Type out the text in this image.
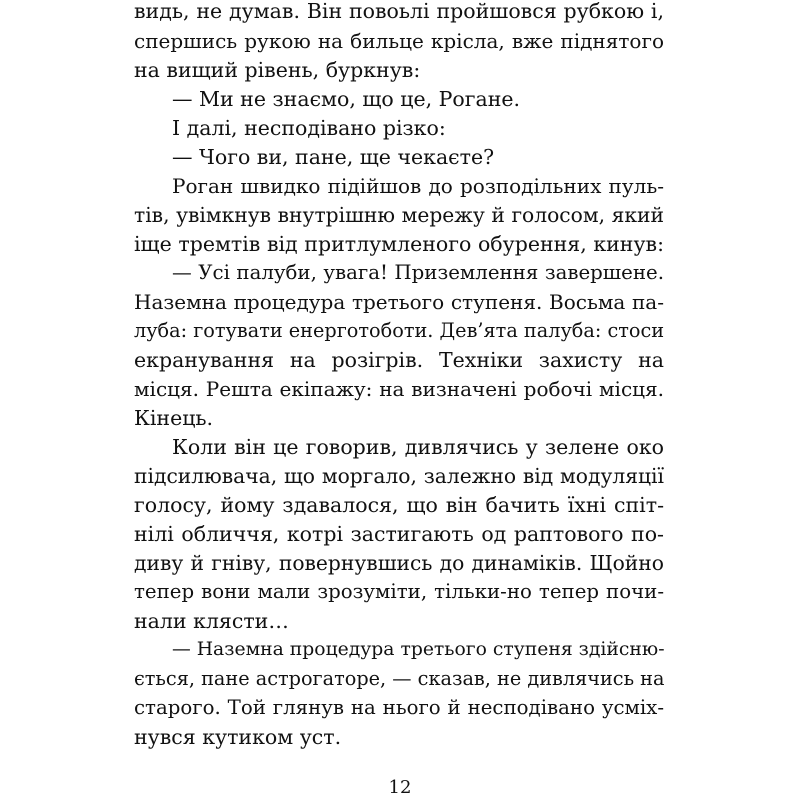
видь, не думав. Він повоьлі пройшовся рубкою і,
спершись рукою на бильце крісла, вже піднятого
на вищий рівень, буркнув:
— Ми не знаємо, що це, Рогане.
І далі, несподівано різко:
— Чого ви, пане, ще чекаєте?
Роган швидко підійшов до розподільних пуль-
тів, увімкнув внутрішню мережу й голосом, який
іще тремтів від притлумленого обурення, кинув:
— Усі палуби, увага! Приземлення завершене.
Наземна процедура третього ступеня. Восьма па-
луба: готувати енерготоботи. Дев’ята палуба: стоси
екранування на розігрів. Техніки захисту на
місця. Решта екіпажу: на визначені робочі місця.
Кінець.
Коли він це говорив, дивлячись у зелене око
підсилювача, що моргало, залежно від модуляції
голосу, йому здавалося, що він бачить їхні спіт-
нілі обличчя, котрі застигають од раптового по-
диву й гніву, повернувшись до динаміків. Щойно
тепер вони мали зрозуміти, тільки-но тепер почи-
нали клясти…
— Наземна процедура третього ступеня здійсню-
ється, пане астрогаторе, — сказав, не дивлячись на
старого. Той глянув на нього й несподівано усміх-
нувся кутиком уст.
12
